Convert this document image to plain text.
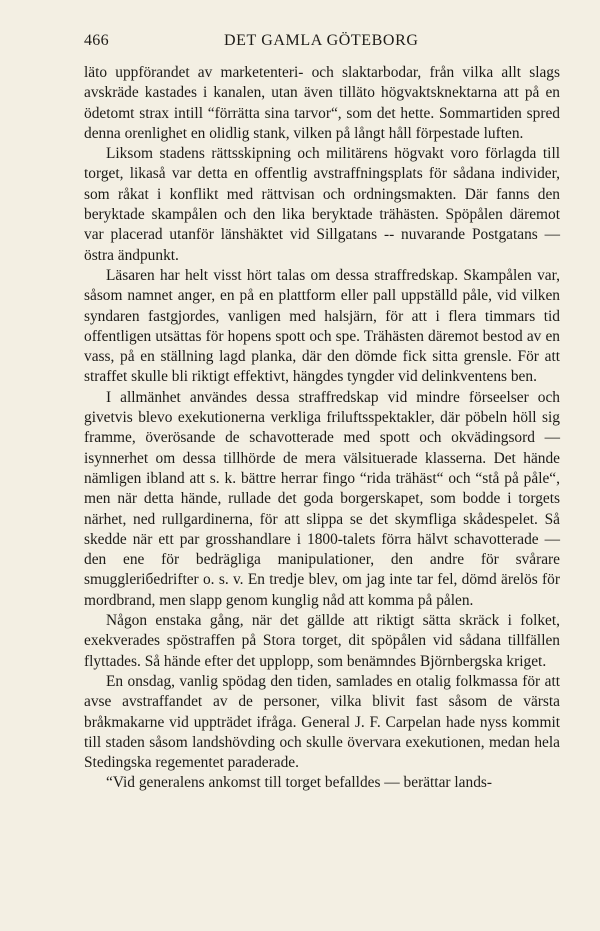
466	DET GAMLA GÖTEBORG

läto uppförandet av marketenteri- och slaktarbodar, från vilka allt slags avskräde kastades i kanalen, utan även tilläto högvaktsknektarna att på en ödetomt strax intill “förrätta sina tarvor“, som det hette. Sommartiden spred denna orenlighet en olidlig stank, vilken på långt håll förpestade luften.

Liksom stadens rättsskipning och militärens högvakt voro förlagda till torget, likaså var detta en offentlig avstraffningsplats för sådana individer, som råkat i konflikt med rättvisan och ordningsmakten. Där fanns den beryktade skampålen och den lika beryktade trähästen. Spöpålen däremot var placerad utanför länshäktet vid Sillgatans -- nuvarande Postgatans — östra ändpunkt.

Läsaren har helt visst hört talas om dessa straffredskap. Skampålen var, såsom namnet anger, en på en plattform eller pall uppställd påle, vid vilken syndaren fastgjordes, vanligen med halsjärn, för att i flera timmars tid offentligen utsättas för hopens spott och spe. Trähästen däremot bestod av en vass, på en ställning lagd planka, där den dömde fick sitta grensle. För att straffet skulle bli riktigt effektivt, hängdes tyngder vid delinkventens ben.

I allmänhet användes dessa straffredskap vid mindre förseelser och givetvis blevo exekutionerna verkliga friluftsspektakler, där pöbeln höll sig framme, överösande de schavotterade med spott och okvädingsord — isynnerhet om dessa tillhörde de mera välsituerade klasserna. Det hände nämligen ibland att s. k. bättre herrar fingo “rida trähäst“ och “stå på påle“, men när detta hände, rullade det goda borgerskapet, som bodde i torgets närhet, ned rullgardinerna, för att slippa se det skymfliga skådespelet. Så skedde när ett par grosshandlare i 1800-talets förra hälvt schavotterade — den ene för bedrägliga manipulationer, den andre för svårare smugglerібedrifter o. s. v. En tredje blev, om jag inte tar fel, dömd ärelös för mordbrand, men slapp genom kunglig nåd att komma på pålen.

Någon enstaka gång, när det gällde att riktigt sätta skräck i folket, exekverades spöstraffen på Stora torget, dit spöpålen vid sådana tillfällen flyttades. Så hände efter det upplopp, som benämndes Björnbergska kriget.

En onsdag, vanlig spödag den tiden, samlades en otalig folkmassa för att avse avstraffandet av de personer, vilka blivit fast såsom de värsta bråkmakarne vid uppträdet ifråga. General J. F. Carpelan hade nyss kommit till staden såsom landshövding och skulle övervara exekutionen, medan hela Stedingska regementet paraderade.

“Vid generalens ankomst till torget befalldes — berättar lands-
